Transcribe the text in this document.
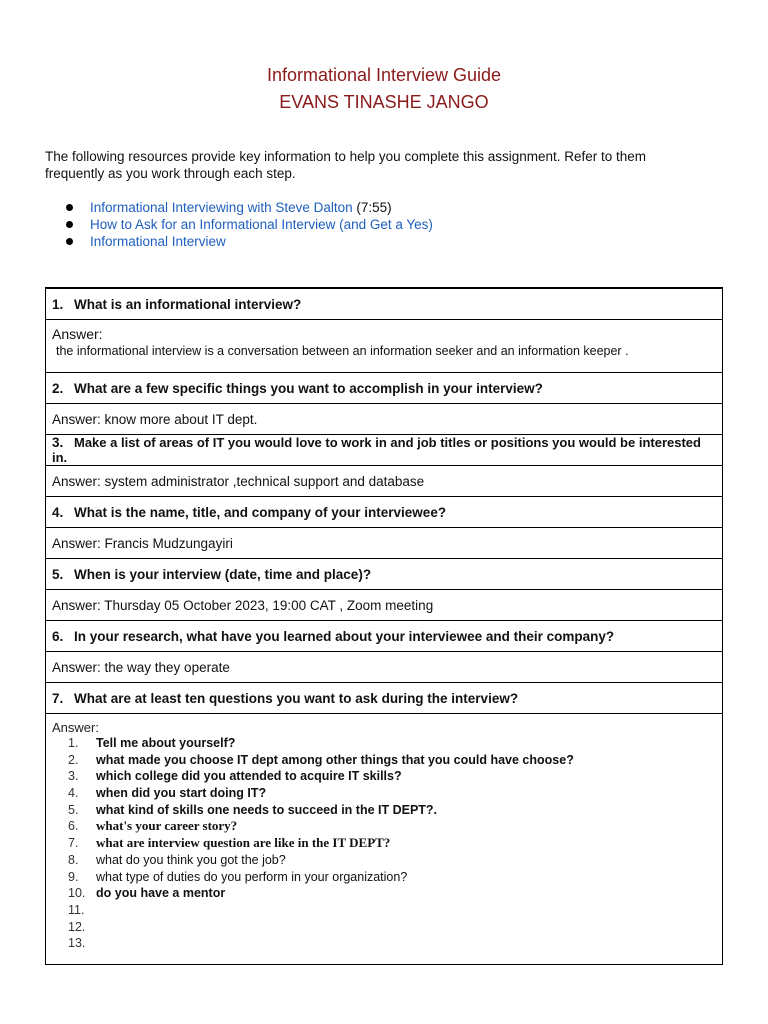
Informational Interview Guide
EVANS TINASHE JANGO
The following resources provide key information to help you complete this assignment. Refer to them frequently as you work through each step.
Informational Interviewing with Steve Dalton (7:55)
How to Ask for an Informational Interview (and Get a Yes)
Informational Interview
1. What is an informational interview?

Answer:
the informational interview is a conversation between an information seeker and an information keeper .

2. What are a few specific things you want to accomplish in your interview?
Answer: know more about IT dept.
3. Make a list of areas of IT you would love to work in and job titles or positions you would be interested in.
Answer: system administrator ,technical support and database
4. What is the name, title, and company of your interviewee?
Answer: Francis Mudzungayiri
5. When is your interview (date, time and place)?
Answer: Thursday 05 October 2023, 19:00 CAT , Zoom meeting
6. In your research, what have you learned about your interviewee and their company?
Answer: the way they operate
7. What are at least ten questions you want to ask during the interview?

Answer:
1.	Tell me about yourself?
2.	what made you choose IT dept among other things that you could have choose?
3.	which college did you attended to acquire IT skills?
4.	when did you start doing IT?
5.	what kind of skills one needs to succeed in the IT DEPT?.
6.	what's your career story?
7.	what are interview question are like in the IT DEPT?
8.	what do you think you got the job?
9.	what type of duties do you perform in your organization?
10. do you have a mentor
11.
12.
13.
